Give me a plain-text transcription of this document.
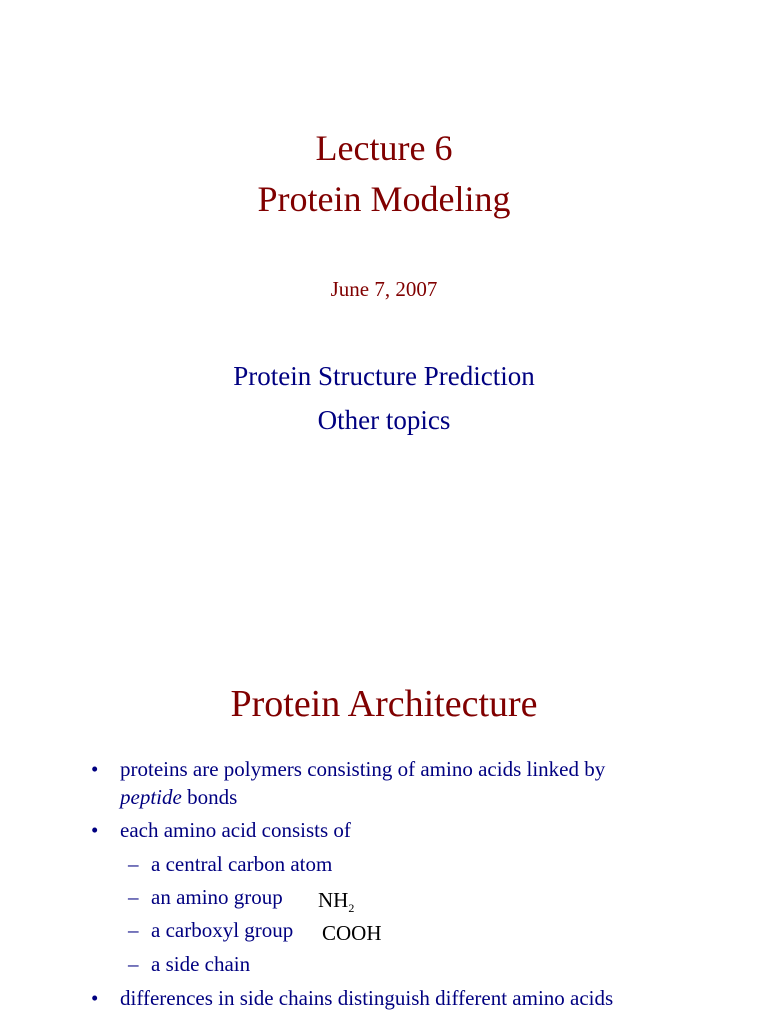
Lecture 6
Protein Modeling
June 7, 2007
Protein Structure Prediction
Other topics
Protein Architecture
•	proteins are polymers consisting of amino acids linked by
peptide bonds
•	each amino acid consists of
– a central carbon atom
– an amino group
– a carboxyl group
– a side chain
•	differences in side chains distinguish different amino acids
$NH_2$
COOH
